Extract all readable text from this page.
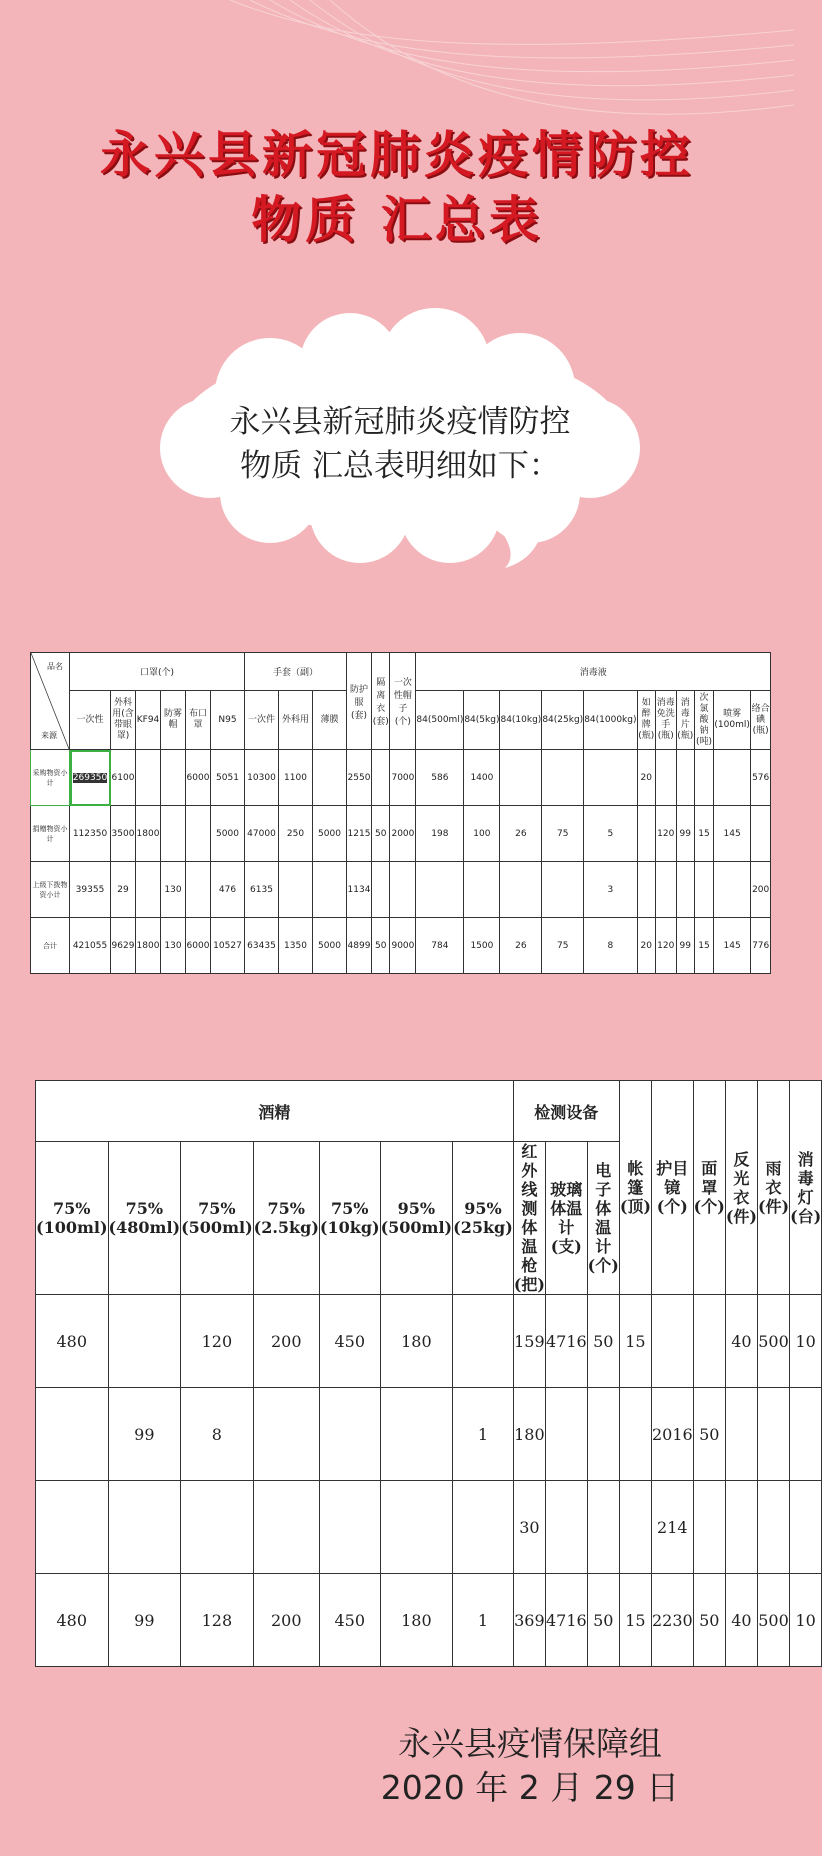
永兴县新冠肺炎疫情防控
物质 汇总表
永兴县新冠肺炎疫情防控
物质 汇总表明细如下：
品名
来源	口罩(个)						手套（副）			防护服(套)	隔离衣(套)	一次性帽子(个)	消毒液										
	一次性	外科用(含带眼罩)	KF94	防雾帽	布口罩	N95	一次件	外科用	薄膜				84(500ml)	84(5kg)	84(10kg)	84(25kg)	84(1000kg)	如醉牌(瓶)	消毒免洗手(瓶)	消毒片(瓶)	次氯酸钠(吨)	喷雾(100ml)	络合碘(瓶)
采购物资小计	269350	6100			6000	5051	10300	1100		2550		7000	586	1400				20					576
捐赠物资小计	112350	3500	1800			5000	47000	250	5000	1215	50	2000	198	100	26	75	5		120	99	15	145	
上级下拨物资小计	39355	29		130		476	6135			1134							3						200
合计	421055	9629	1800	130	6000	10527	63435	1350	5000	4899	50	9000	784	1500	26	75	8	20	120	99	15	145	776
酒精							检测设备			帐篷(顶)	护目镜(个)	面罩(个)	反光衣(件)	雨衣(件)	消毒灯(台)
75%(100ml)	75%(480ml)	75%(500ml)	75%(2.5kg)	75%(10kg)	95%(500ml)	95%(25kg)	红外线测体温枪(把)	玻璃体温计(支)	电子体温计(个)						
480		120	200	450	180		159	4716	50	15			40	500	10
	99	8				1	180				2016	50			
							30				214				
480	99	128	200	450	180	1	369	4716	50	15	2230	50	40	500	10
永兴县疫情保障组
2020 年 2 月 29 日
